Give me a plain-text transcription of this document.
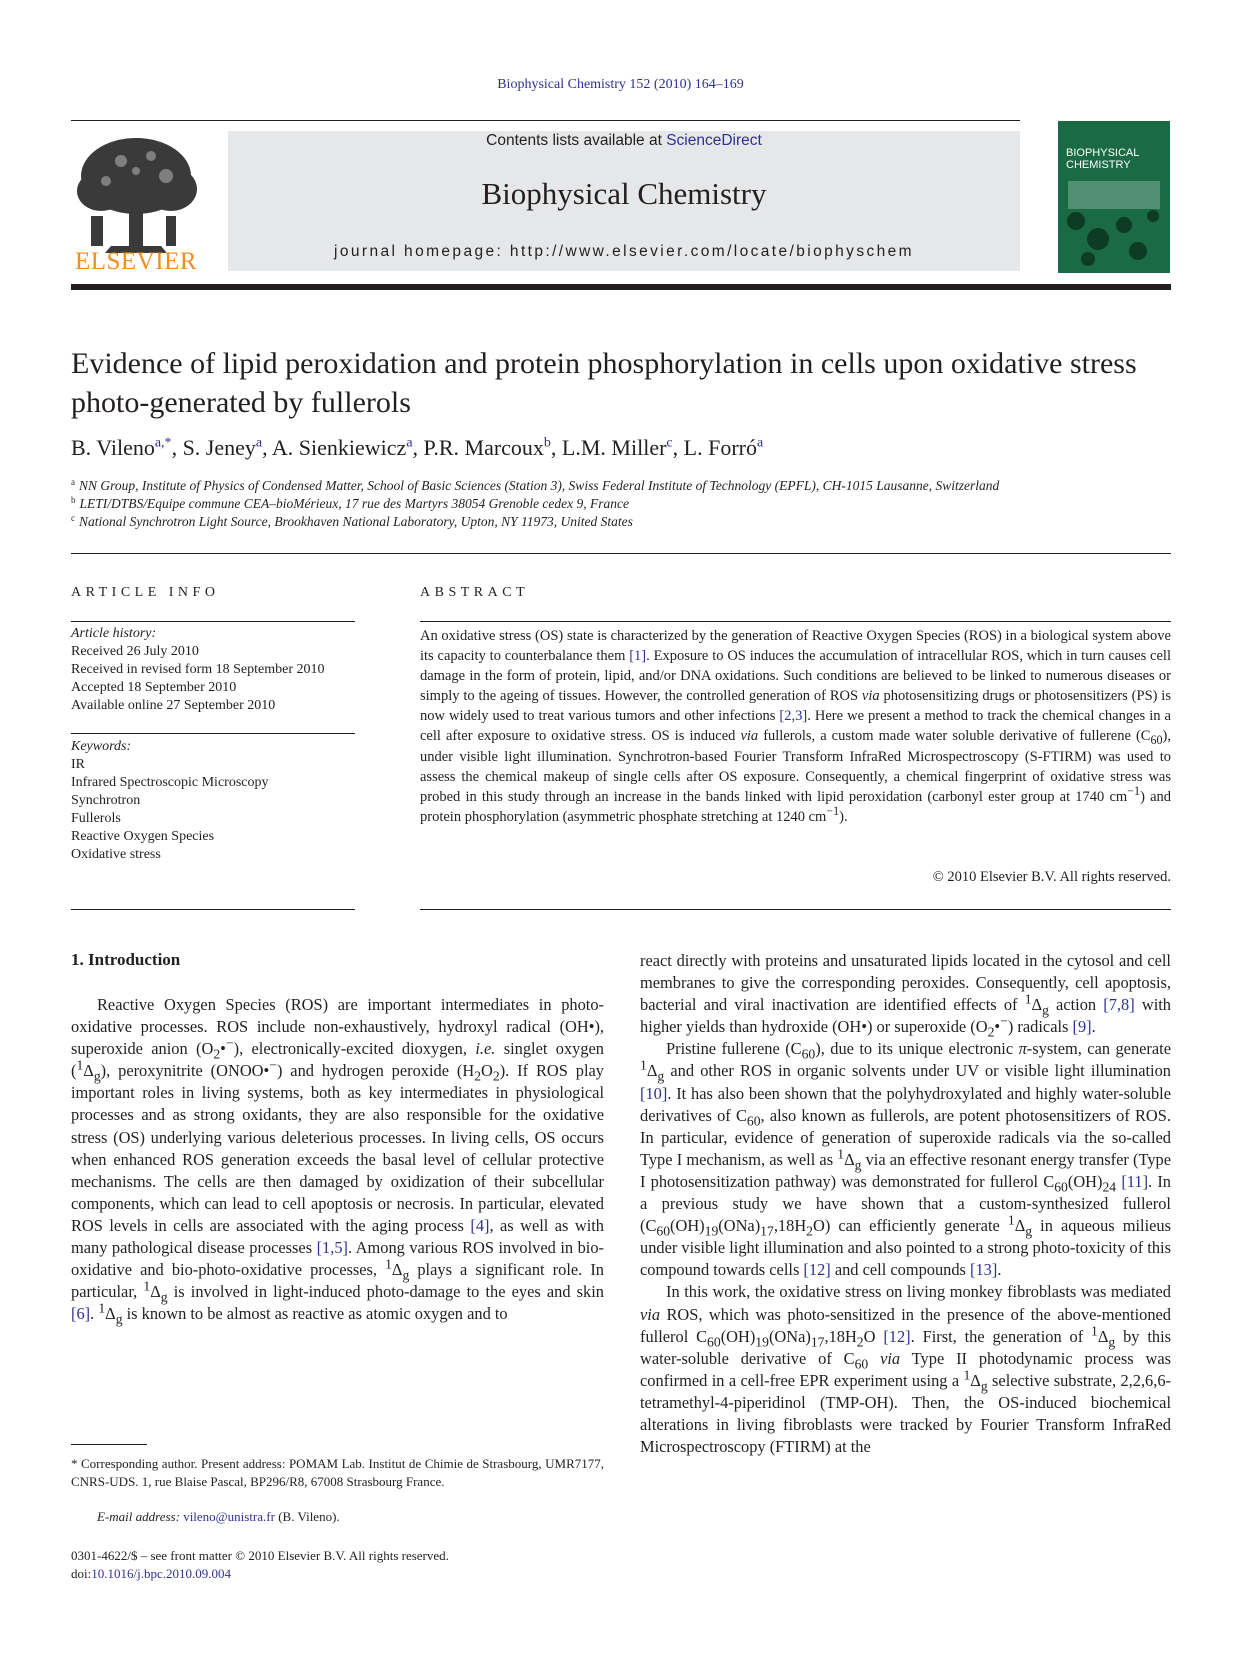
Biophysical Chemistry 152 (2010) 164–169
ELSEVIER
Contents lists available at ScienceDirect
Biophysical Chemistry
journal homepage: http://www.elsevier.com/locate/biophyschem
BIOPHYSICAL CHEMISTRY
Evidence of lipid peroxidation and protein phosphorylation in cells upon oxidative stress photo-generated by fullerols
B. Vileno$^{a,*}$, S. Jeney$^a$, A. Sienkiewicz$^a$, P.R. Marcoux$^b$, L.M. Miller$^c$, L. Forró$^a$
$^a$ NN Group, Institute of Physics of Condensed Matter, School of Basic Sciences (Station 3), Swiss Federal Institute of Technology (EPFL), CH-1015 Lausanne, Switzerland
$^b$ LETI/DTBS/Equipe commune CEA–bioMérieux, 17 rue des Martyrs 38054 Grenoble cedex 9, France
$^c$ National Synchrotron Light Source, Brookhaven National Laboratory, Upton, NY 11973, United States
ARTICLE INFO
Article history:
Received 26 July 2010
Received in revised form 18 September 2010
Accepted 18 September 2010
Available online 27 September 2010
Keywords:
IR
Infrared Spectroscopic Microscopy
Synchrotron
Fullerols
Reactive Oxygen Species
Oxidative stress
ABSTRACT
An oxidative stress (OS) state is characterized by the generation of Reactive Oxygen Species (ROS) in a biological system above its capacity to counterbalance them [1]. Exposure to OS induces the accumulation of intracellular ROS, which in turn causes cell damage in the form of protein, lipid, and/or DNA oxidations. Such conditions are believed to be linked to numerous diseases or simply to the ageing of tissues. However, the controlled generation of ROS via photosensitizing drugs or photosensitizers (PS) is now widely used to treat various tumors and other infections [2,3]. Here we present a method to track the chemical changes in a cell after exposure to oxidative stress. OS is induced via fullerols, a custom made water soluble derivative of fullerene $(C_{60})$, under visible light illumination. Synchrotron-based Fourier Transform InfraRed Microspectroscopy (S-FTIRM) was used to assess the chemical makeup of single cells after OS exposure. Consequently, a chemical fingerprint of oxidative stress was probed in this study through an increase in the bands linked with lipid peroxidation (carbonyl ester group at 1740 $cm^{-1}$) and protein phosphorylation (asymmetric phosphate stretching at 1240 $cm^{-1}$).
© 2010 Elsevier B.V. All rights reserved.
1. Introduction
Reactive Oxygen Species (ROS) are important intermediates in photo-oxidative processes. ROS include non-exhaustively, hydroxyl radical (OH•), superoxide anion $(O_2•^-)$, electronically-excited dioxygen, i.e. singlet oxygen $(^1\Delta_g)$, peroxynitrite (ONOO•−) and hydrogen peroxide $(H_2O_2)$. If ROS play important roles in living systems, both as key intermediates in physiological processes and as strong oxidants, they are also responsible for the oxidative stress (OS) underlying various deleterious processes. In living cells, OS occurs when enhanced ROS generation exceeds the basal level of cellular protective mechanisms. The cells are then damaged by oxidization of their subcellular components, which can lead to cell apoptosis or necrosis. In particular, elevated ROS levels in cells are associated with the aging process [4], as well as with many pathological disease processes [1,5]. Among various ROS involved in bio-oxidative and bio-photo-oxidative processes, $^1\Delta_g$ plays a significant role. In particular, $^1\Delta_g$ is involved in light-induced photo-damage to the eyes and skin [6]. $^1\Delta_g$ is known to be almost as reactive as atomic oxygen and to

react directly with proteins and unsaturated lipids located in the cytosol and cell membranes to give the corresponding peroxides. Consequently, cell apoptosis, bacterial and viral inactivation are identified effects of $^1\Delta_g$ action [7,8] with higher yields than hydroxide (OH•) or superoxide $(O_2•^-)$ radicals [9].

Pristine fullerene $(C_{60})$, due to its unique electronic π-system, can generate $^1\Delta_g$ and other ROS in organic solvents under UV or visible light illumination [10]. It has also been shown that the polyhydroxylated and highly water-soluble derivatives of $C_{60}$, also known as fullerols, are potent photosensitizers of ROS. In particular, evidence of generation of superoxide radicals via the so-called Type I mechanism, as well as $^1\Delta_g$ via an effective resonant energy transfer (Type I photosensitization pathway) was demonstrated for fullerol $C_{60}(OH)_{24}$ [11]. In a previous study we have shown that a custom-synthesized fullerol $(C_{60}(OH)_{19}(ONa)_{17},18H_2O)$ can efficiently generate $^1\Delta_g$ in aqueous milieus under visible light illumination and also pointed to a strong photo-toxicity of this compound towards cells [12] and cell compounds [13].

In this work, the oxidative stress on living monkey fibroblasts was mediated via ROS, which was photo-sensitized in the presence of the above-mentioned fullerol $C_{60}(OH)_{19}(ONa)_{17},18H_2O$ [12]. First, the generation of $^1\Delta_g$ by this water-soluble derivative of $C_{60}$ via Type II photodynamic process was confirmed in a cell-free EPR experiment using a $^1\Delta_g$ selective substrate, 2,2,6,6-tetramethyl-4-piperidinol (TMP-OH). Then, the OS-induced biochemical alterations in living fibroblasts were tracked by Fourier Transform InfraRed Microspectroscopy (FTIRM) at the

* Corresponding author. Present address: POMAM Lab. Institut de Chimie de Strasbourg, UMR7177, CNRS-UDS. 1, rue Blaise Pascal, BP296/R8, 67008 Strasbourg France.
E-mail address: vileno@unistra.fr (B. Vileno).
0301-4622/$ – see front matter © 2010 Elsevier B.V. All rights reserved.
doi:10.1016/j.bpc.2010.09.004
